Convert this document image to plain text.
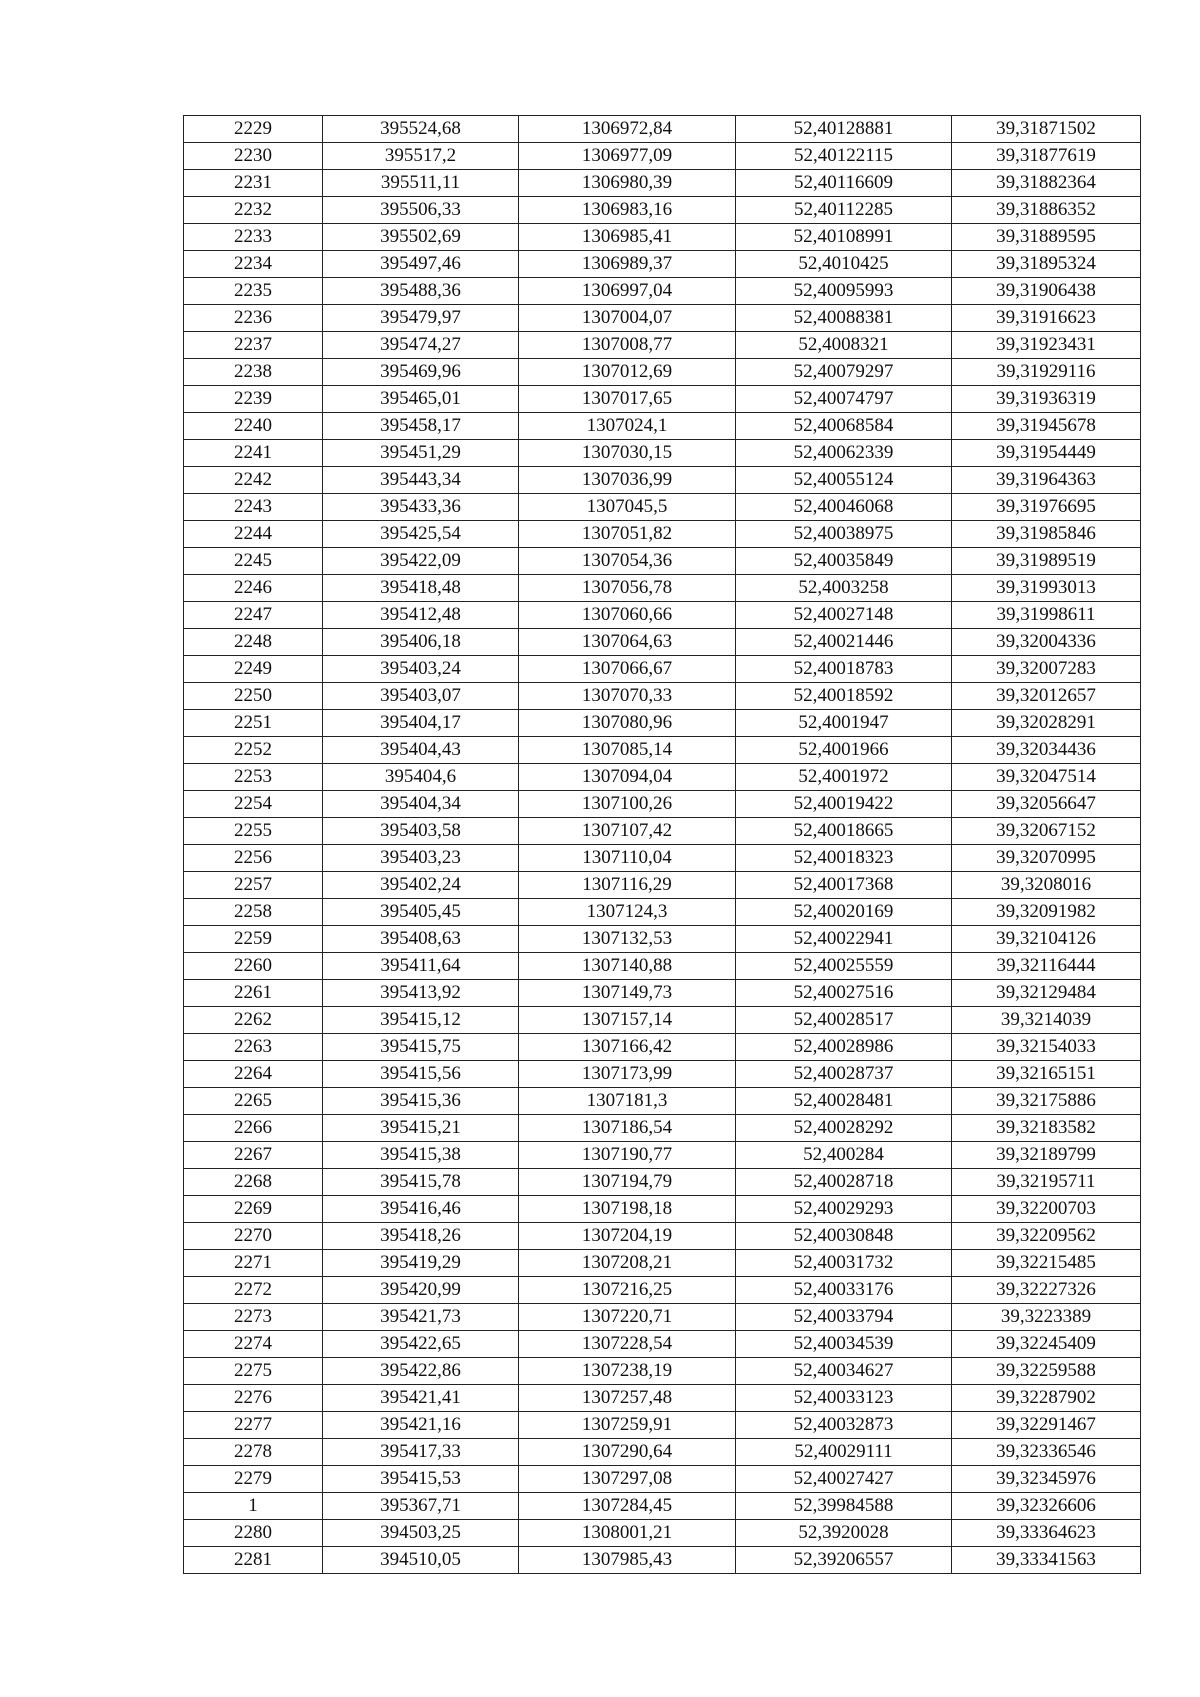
2229	395524,68	1306972,84	52,40128881	39,31871502
2230	395517,2	1306977,09	52,40122115	39,31877619
2231	395511,11	1306980,39	52,40116609	39,31882364
2232	395506,33	1306983,16	52,40112285	39,31886352
2233	395502,69	1306985,41	52,40108991	39,31889595
2234	395497,46	1306989,37	52,4010425	39,31895324
2235	395488,36	1306997,04	52,40095993	39,31906438
2236	395479,97	1307004,07	52,40088381	39,31916623
2237	395474,27	1307008,77	52,4008321	39,31923431
2238	395469,96	1307012,69	52,40079297	39,31929116
2239	395465,01	1307017,65	52,40074797	39,31936319
2240	395458,17	1307024,1	52,40068584	39,31945678
2241	395451,29	1307030,15	52,40062339	39,31954449
2242	395443,34	1307036,99	52,40055124	39,31964363
2243	395433,36	1307045,5	52,40046068	39,31976695
2244	395425,54	1307051,82	52,40038975	39,31985846
2245	395422,09	1307054,36	52,40035849	39,31989519
2246	395418,48	1307056,78	52,4003258	39,31993013
2247	395412,48	1307060,66	52,40027148	39,31998611
2248	395406,18	1307064,63	52,40021446	39,32004336
2249	395403,24	1307066,67	52,40018783	39,32007283
2250	395403,07	1307070,33	52,40018592	39,32012657
2251	395404,17	1307080,96	52,4001947	39,32028291
2252	395404,43	1307085,14	52,4001966	39,32034436
2253	395404,6	1307094,04	52,4001972	39,32047514
2254	395404,34	1307100,26	52,40019422	39,32056647
2255	395403,58	1307107,42	52,40018665	39,32067152
2256	395403,23	1307110,04	52,40018323	39,32070995
2257	395402,24	1307116,29	52,40017368	39,3208016
2258	395405,45	1307124,3	52,40020169	39,32091982
2259	395408,63	1307132,53	52,40022941	39,32104126
2260	395411,64	1307140,88	52,40025559	39,32116444
2261	395413,92	1307149,73	52,40027516	39,32129484
2262	395415,12	1307157,14	52,40028517	39,3214039
2263	395415,75	1307166,42	52,40028986	39,32154033
2264	395415,56	1307173,99	52,40028737	39,32165151
2265	395415,36	1307181,3	52,40028481	39,32175886
2266	395415,21	1307186,54	52,40028292	39,32183582
2267	395415,38	1307190,77	52,400284	39,32189799
2268	395415,78	1307194,79	52,40028718	39,32195711
2269	395416,46	1307198,18	52,40029293	39,32200703
2270	395418,26	1307204,19	52,40030848	39,32209562
2271	395419,29	1307208,21	52,40031732	39,32215485
2272	395420,99	1307216,25	52,40033176	39,32227326
2273	395421,73	1307220,71	52,40033794	39,3223389
2274	395422,65	1307228,54	52,40034539	39,32245409
2275	395422,86	1307238,19	52,40034627	39,32259588
2276	395421,41	1307257,48	52,40033123	39,32287902
2277	395421,16	1307259,91	52,40032873	39,32291467
2278	395417,33	1307290,64	52,40029111	39,32336546
2279	395415,53	1307297,08	52,40027427	39,32345976
1	395367,71	1307284,45	52,39984588	39,32326606
2280	394503,25	1308001,21	52,3920028	39,33364623
2281	394510,05	1307985,43	52,39206557	39,33341563
